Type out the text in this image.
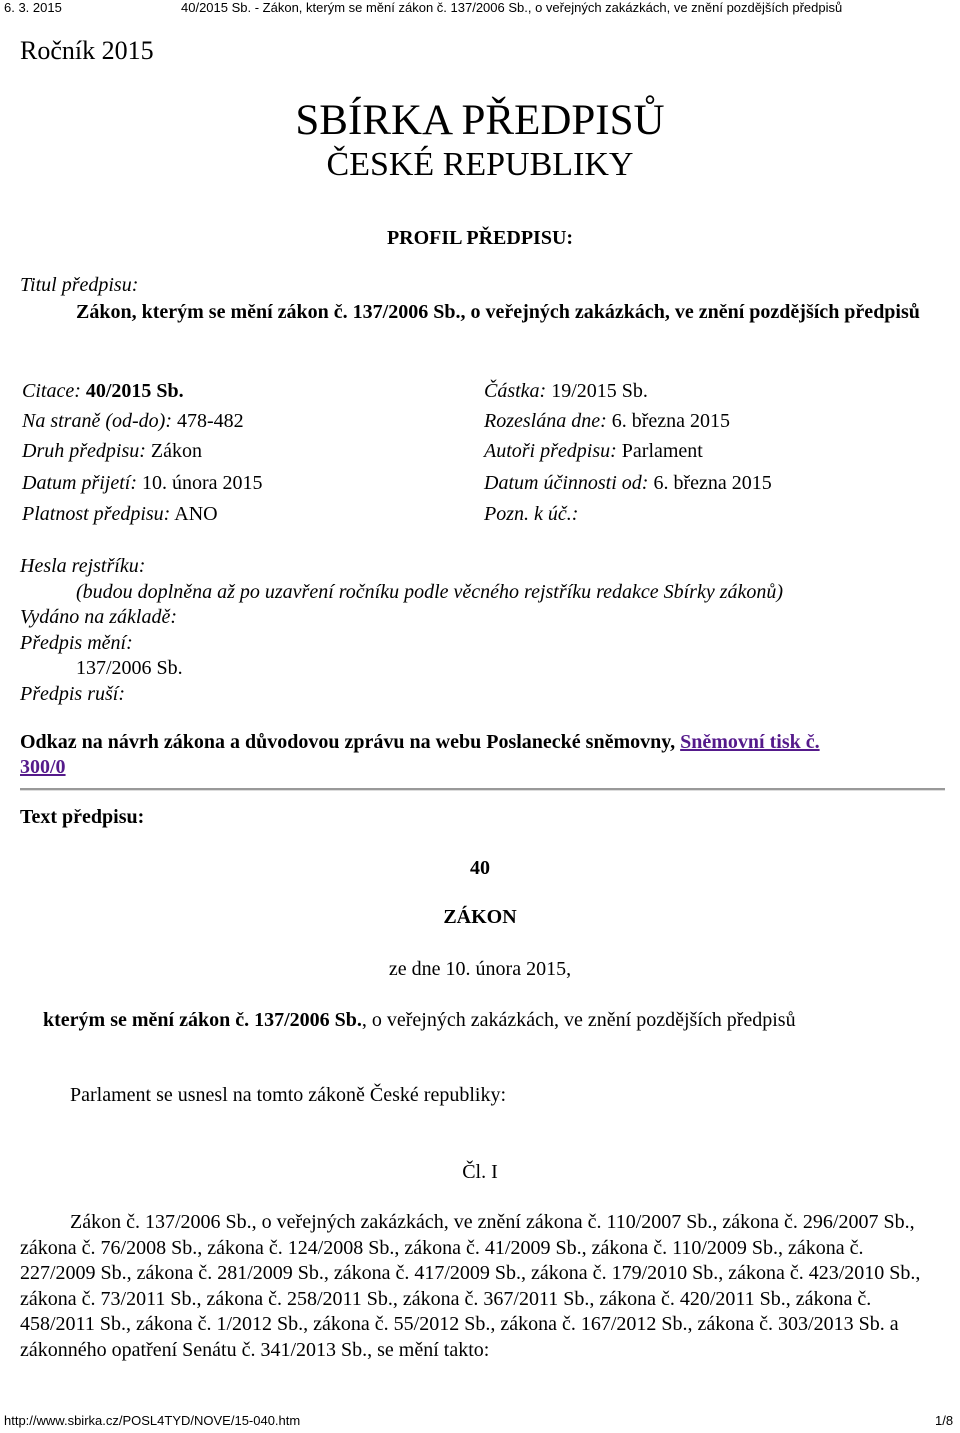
6. 3. 2015	40/2015 Sb. - Zákon, kterým se mění zákon č. 137/2006 Sb., o veřejných zakázkách, ve znění pozdějších předpisů
Ročník 2015
SBÍRKA PŘEDPISŮ
ČESKÉ REPUBLIKY
PROFIL PŘEDPISU:
Titul předpisu:
Zákon, kterým se mění zákon č. 137/2006 Sb., o veřejných zakázkách, ve znění pozdějších předpisů
Citace: 40/2015 Sb.	Částka: 19/2015 Sb.
Na straně (od-do): 478-482	Rozeslána dne: 6. března 2015
Druh předpisu: Zákon	Autoři předpisu: Parlament
Datum přijetí: 10. února 2015	Datum účinnosti od: 6. března 2015
Platnost předpisu: ANO	Pozn. k úč.:
Hesla rejstříku:
(budou doplněna až po uzavření ročníku podle věcného rejstříku redakce Sbírky zákonů)
Vydáno na základě:
Předpis mění:
137/2006 Sb.
Předpis ruší:
Odkaz na návrh zákona a důvodovou zprávu na webu Poslanecké sněmovny, Sněmovní tisk č.
300/0
Text předpisu:
40
ZÁKON
ze dne 10. února 2015,
kterým se mění zákon č. 137/2006 Sb., o veřejných zakázkách, ve znění pozdějších předpisů
Parlament se usnesl na tomto zákoně České republiky:
Čl. I
Zákon č. 137/2006 Sb., o veřejných zakázkách, ve znění zákona č. 110/2007 Sb., zákona č. 296/2007 Sb., zákona č. 76/2008 Sb., zákona č. 124/2008 Sb., zákona č. 41/2009 Sb., zákona č. 110/2009 Sb., zákona č. 227/2009 Sb., zákona č. 281/2009 Sb., zákona č. 417/2009 Sb., zákona č. 179/2010 Sb., zákona č. 423/2010 Sb., zákona č. 73/2011 Sb., zákona č. 258/2011 Sb., zákona č. 367/2011 Sb., zákona č. 420/2011 Sb., zákona č. 458/2011 Sb., zákona č. 1/2012 Sb., zákona č. 55/2012 Sb., zákona č. 167/2012 Sb., zákona č. 303/2013 Sb. a zákonného opatření Senátu č. 341/2013 Sb., se mění takto:
http://www.sbirka.cz/POSL4TYD/NOVE/15-040.htm	1/8
